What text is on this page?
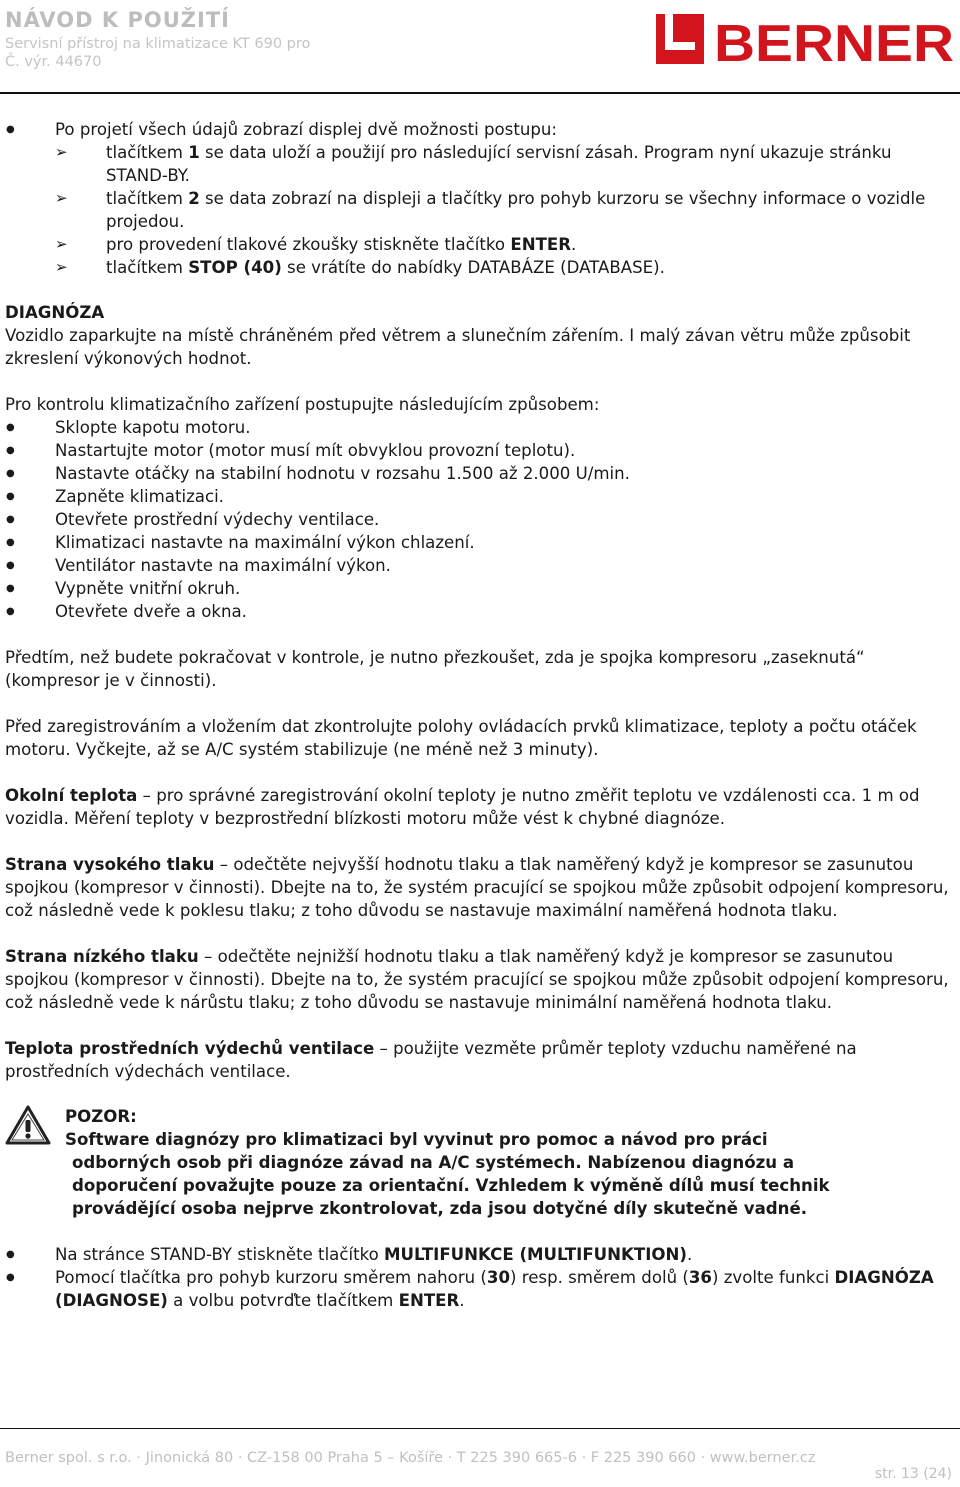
NÁVOD K POUŽITÍ
Servisní přístroj na klimatizace KT 690 pro
Č. výr. 44670	BERNER
● Po projetí všech údajů zobrazí displej dvě možnosti postupu:
➢ tlačítkem 1 se data uloží a použijí pro následující servisní zásah. Program nyní ukazuje stránku STAND-BY.
➢ tlačítkem 2 se data zobrazí na displeji a tlačítky pro pohyb kurzoru se všechny informace o vozidle projedou.
➢ pro provedení tlakové zkoušky stiskněte tlačítko ENTER.
➢ tlačítkem STOP (40) se vrátíte do nabídky DATABÁZE (DATABASE).

DIAGNÓZA

Vozidlo zaparkujte na místě chráněném před větrem a slunečním zářením. I malý závan větru může způsobit zkreslení výkonových hodnot.

Pro kontrolu klimatizačního zařízení postupujte následujícím způsobem:

● Sklopte kapotu motoru.
● Nastartujte motor (motor musí mít obvyklou provozní teplotu).
● Nastavte otáčky na stabilní hodnotu v rozsahu 1.500 až 2.000 U/min.
● Zapněte klimatizaci.
● Otevřete prostřední výdechy ventilace.
● Klimatizaci nastavte na maximální výkon chlazení.
● Ventilátor nastavte na maximální výkon.
● Vypněte vnitřní okruh.
● Otevřete dveře a okna.

Předtím, než budete pokračovat v kontrole, je nutno přezkoušet, zda je spojka kompresoru „zaseknutá“ (kompresor je v činnosti).

Před zaregistrováním a vložením dat zkontrolujte polohy ovládacích prvků klimatizace, teploty a počtu otáček motoru. Vyčkejte, až se A/C systém stabilizuje (ne méně než 3 minuty).

Okolní teplota – pro správné zaregistrování okolní teploty je nutno změřit teplotu ve vzdálenosti cca. 1 m od vozidla. Měření teploty v bezprostřední blízkosti motoru může vést k chybné diagnóze.

Strana vysokého tlaku – odečtěte nejvyšší hodnotu tlaku a tlak naměřený když je kompresor se zasunutou spojkou (kompresor v činnosti). Dbejte na to, že systém pracující se spojkou může způsobit odpojení kompresoru, což následně vede k poklesu tlaku; z toho důvodu se nastavuje maximální naměřená hodnota tlaku.

Strana nízkého tlaku – odečtěte nejnižší hodnotu tlaku a tlak naměřený když je kompresor se zasunutou spojkou (kompresor v činnosti). Dbejte na to, že systém pracující se spojkou může způsobit odpojení kompresoru, což následně vede k nárůstu tlaku; z toho důvodu se nastavuje minimální naměřená hodnota tlaku.

Teplota prostředních výdechů ventilace – použijte vezměte průměr teploty vzduchu naměřené na prostředních výdechách ventilace.

POZOR:
Software diagnózy pro klimatizaci byl vyvinut pro pomoc a návod pro práci
odborných osob při diagnóze závad na A/C systémech. Nabízenou diagnózu a
doporučení považujte pouze za orientační. Vzhledem k výměně dílů musí technik
provádějící osoba nejprve zkontrolovat, zda jsou dotyčné díly skutečně vadné.
● Na stránce STAND-BY stiskněte tlačítko MULTIFUNKCE (MULTIFUNKTION).
● Pomocí tlačítka pro pohyb kurzoru směrem nahoru (30) resp. směrem dolů (36) zvolte funkci DIAGNÓZA (DIAGNOSE) a volbu potvrďte tlačítkem ENTER.
Berner spol. s r.o. · Jinonická 80 · CZ-158 00 Praha 5 – Košíře · T 225 390 665-6 · F 225 390 660 · www.berner.cz
str. 13 (24)
